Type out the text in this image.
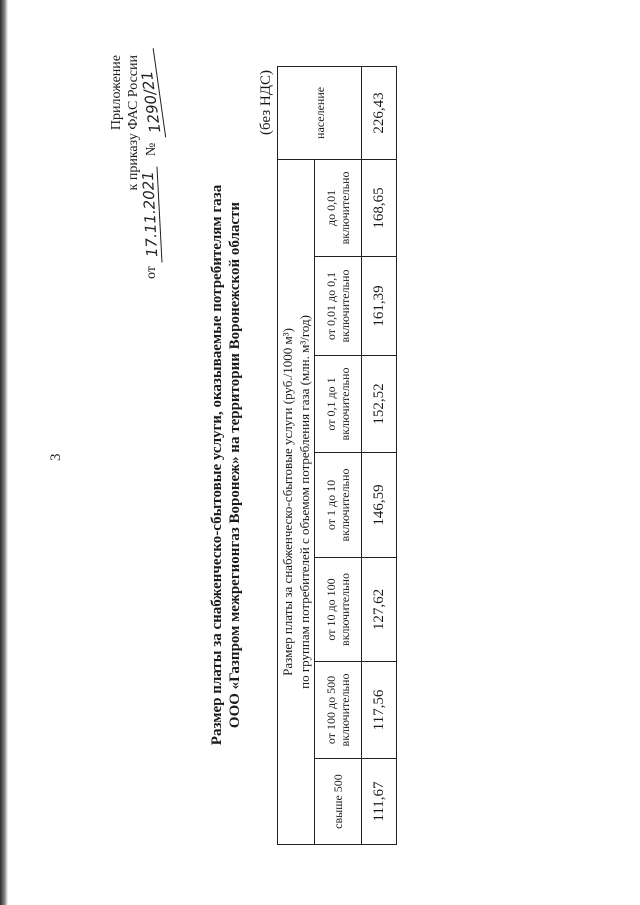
3
Приложение к приказу ФАС России
от 17.11.2021   № 1290/21
Размер платы за снабженческо-сбытовые услуги, оказываемые потребителям газа ООО «Газпром межрегионгаз Воронеж» на территории Воронежской области
(без НДС)
Размер платы за снабженческо-сбытовые услуги (руб./1000 м³) по группам потребителей с объемом потребления газа (млн. м³/год)							население
свыше 500	от 100 до 500 включительно	от 10 до 100 включительно	от 1 до 10 включительно	от 0,1 до 1 включительно	от 0,01 до 0,1 включительно	до 0,01 включительно	
111,67	117,56	127,62	146,59	152,52	161,39	168,65	226,43
